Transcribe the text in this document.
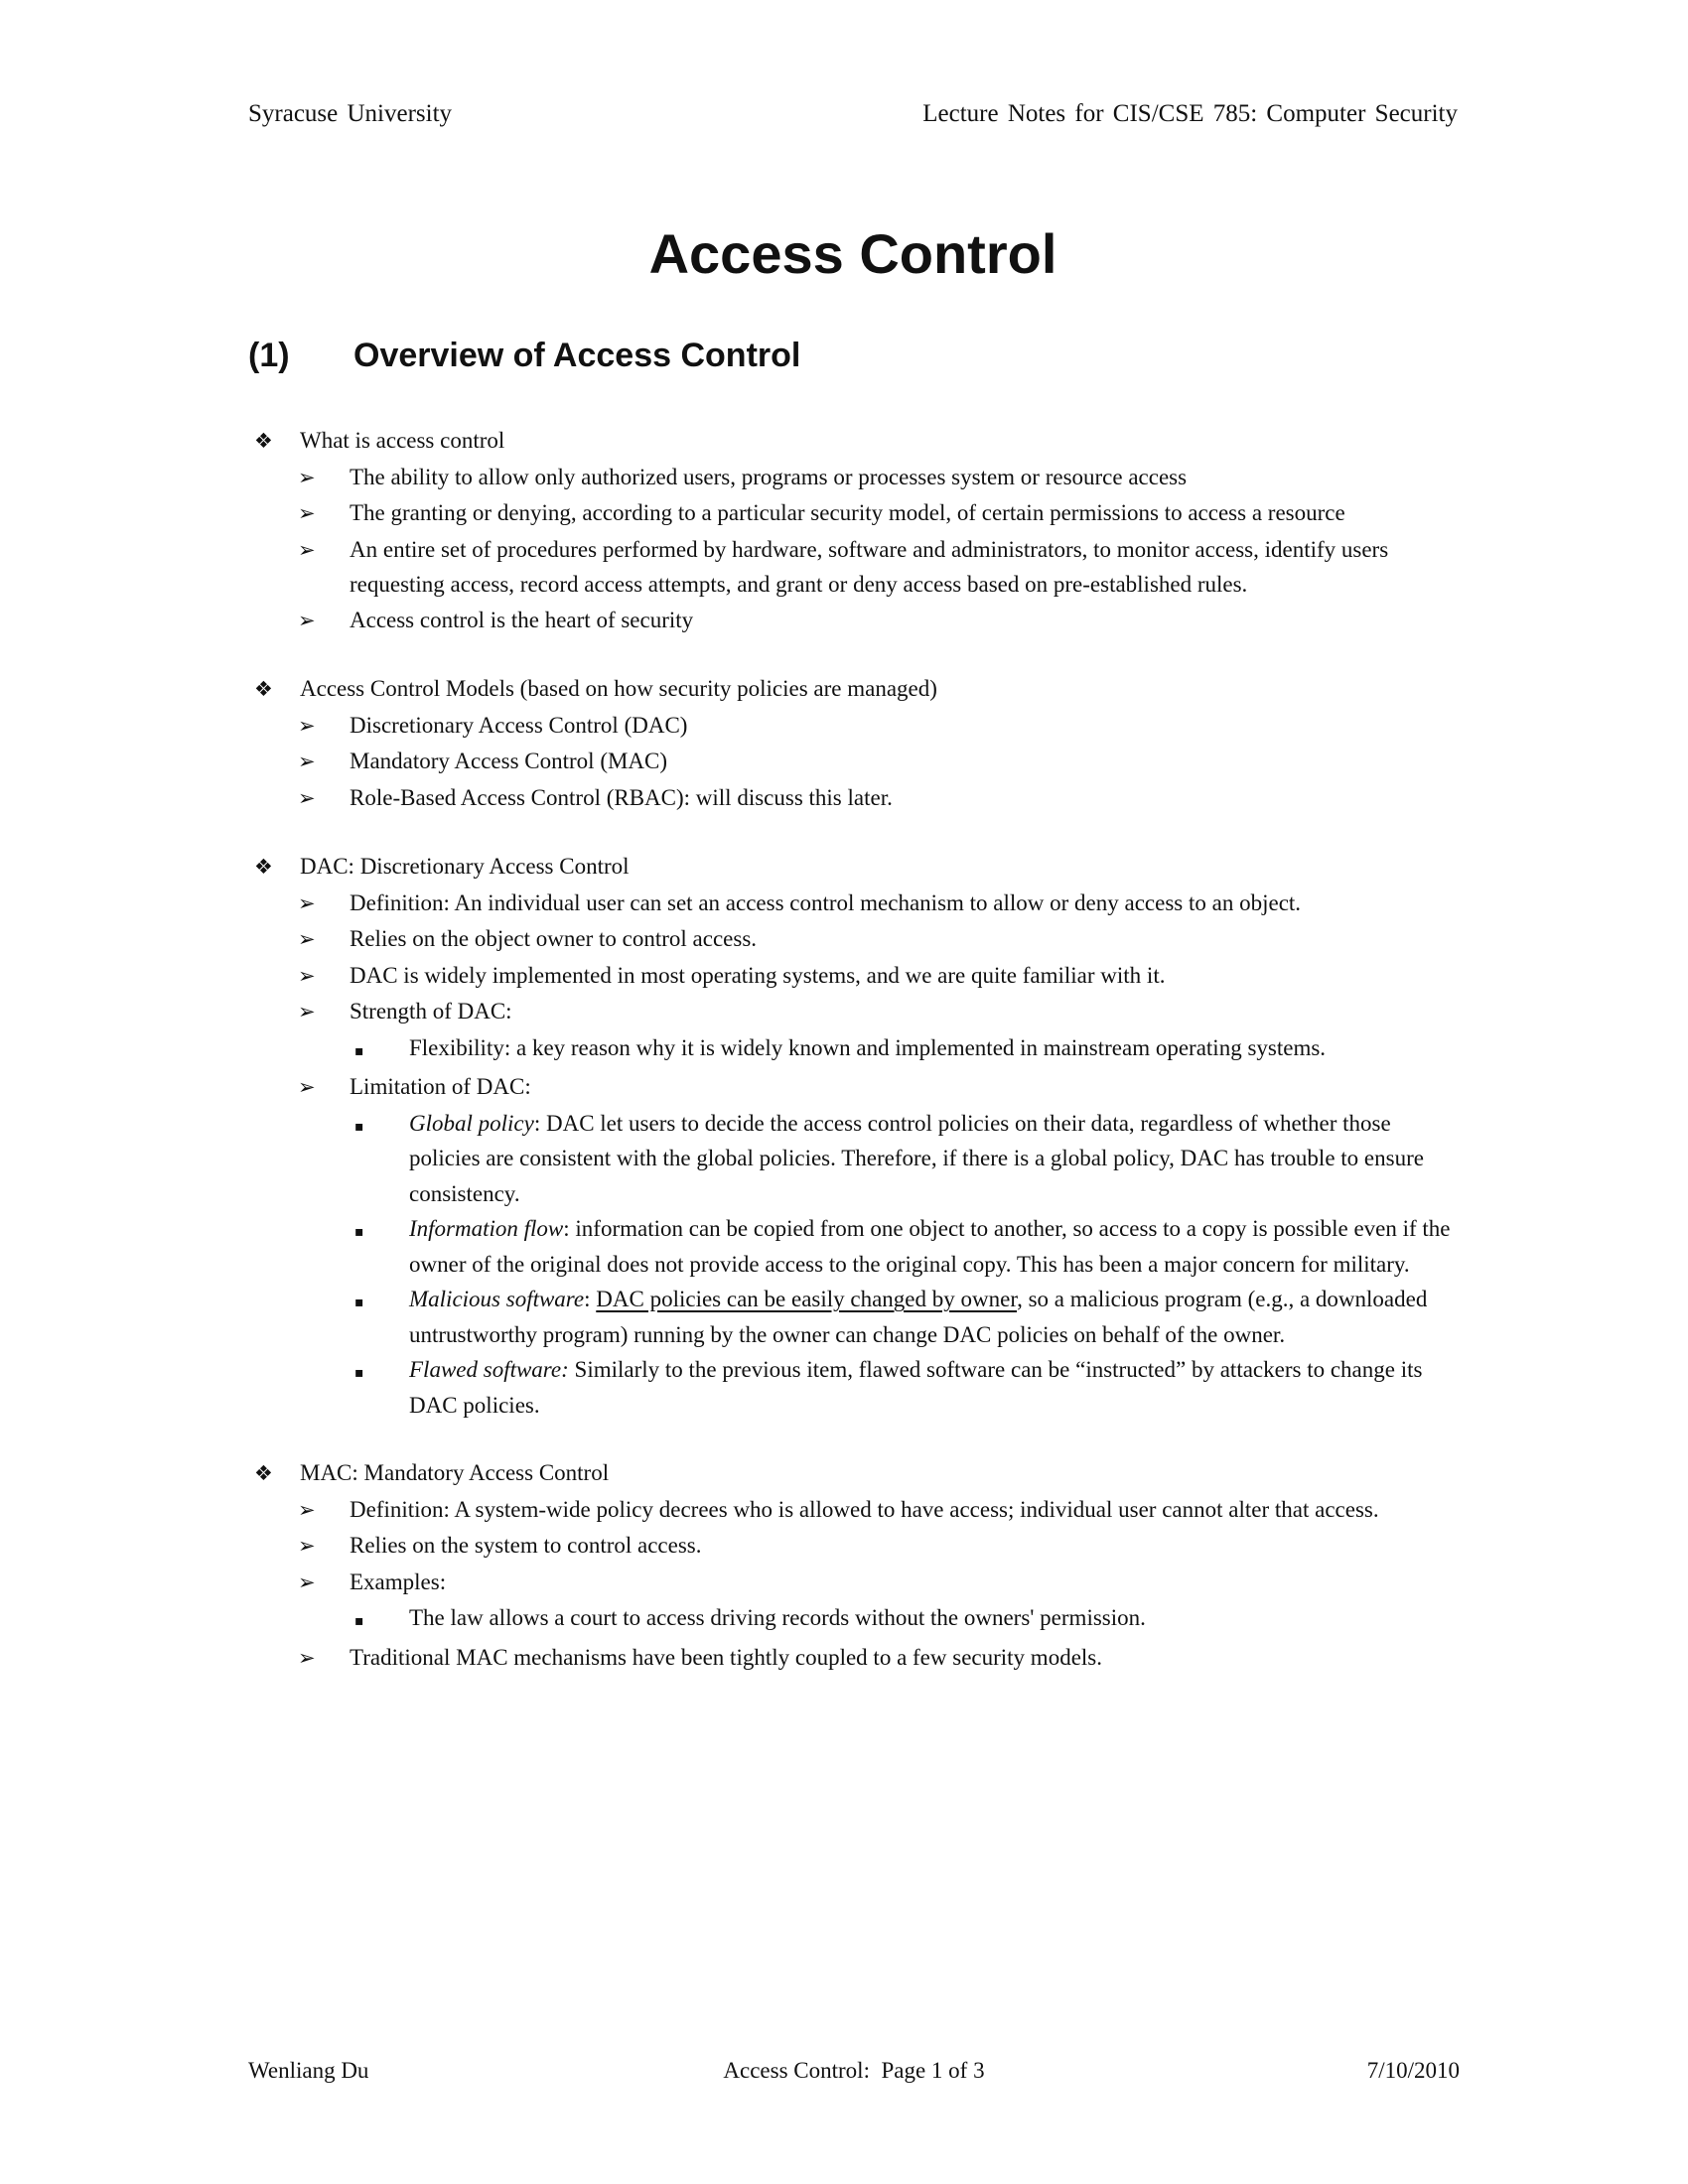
Syracuse University	Lecture Notes for CIS/CSE 785: Computer Security
Access Control
(1)	Overview of Access Control
❖	What is access control
➢	The ability to allow only authorized users, programs or processes system or resource access
➢	The granting or denying, according to a particular security model, of certain permissions to access a resource
➢	An entire set of procedures performed by hardware, software and administrators, to monitor access, identify users requesting access, record access attempts, and grant or deny access based on pre-established rules.
➢	Access control is the heart of security
❖	Access Control Models (based on how security policies are managed)
➢	Discretionary Access Control (DAC)
➢	Mandatory Access Control (MAC)
➢	Role-Based Access Control (RBAC): will discuss this later.
❖	DAC: Discretionary Access Control
➢	Definition: An individual user can set an access control mechanism to allow or deny access to an object.
➢	Relies on the object owner to control access.
➢	DAC is widely implemented in most operating systems, and we are quite familiar with it.
➢	Strength of DAC:
▪	Flexibility: a key reason why it is widely known and implemented in mainstream operating systems.
➢	Limitation of DAC:
▪	Global policy: DAC let users to decide the access control policies on their data, regardless of whether those policies are consistent with the global policies. Therefore, if there is a global policy, DAC has trouble to ensure consistency.
▪	Information flow: information can be copied from one object to another, so access to a copy is possible even if the owner of the original does not provide access to the original copy. This has been a major concern for military.
▪	Malicious software: DAC policies can be easily changed by owner, so a malicious program (e.g., a downloaded untrustworthy program) running by the owner can change DAC policies on behalf of the owner.
▪	Flawed software: Similarly to the previous item, flawed software can be “instructed” by attackers to change its DAC policies.
❖	MAC: Mandatory Access Control
➢	Definition: A system-wide policy decrees who is allowed to have access; individual user cannot alter that access.
➢	Relies on the system to control access.
➢	Examples:
▪	The law allows a court to access driving records without the owners' permission.
➢	Traditional MAC mechanisms have been tightly coupled to a few security models.
Wenliang Du	Access Control:  Page 1 of 3	7/10/2010
